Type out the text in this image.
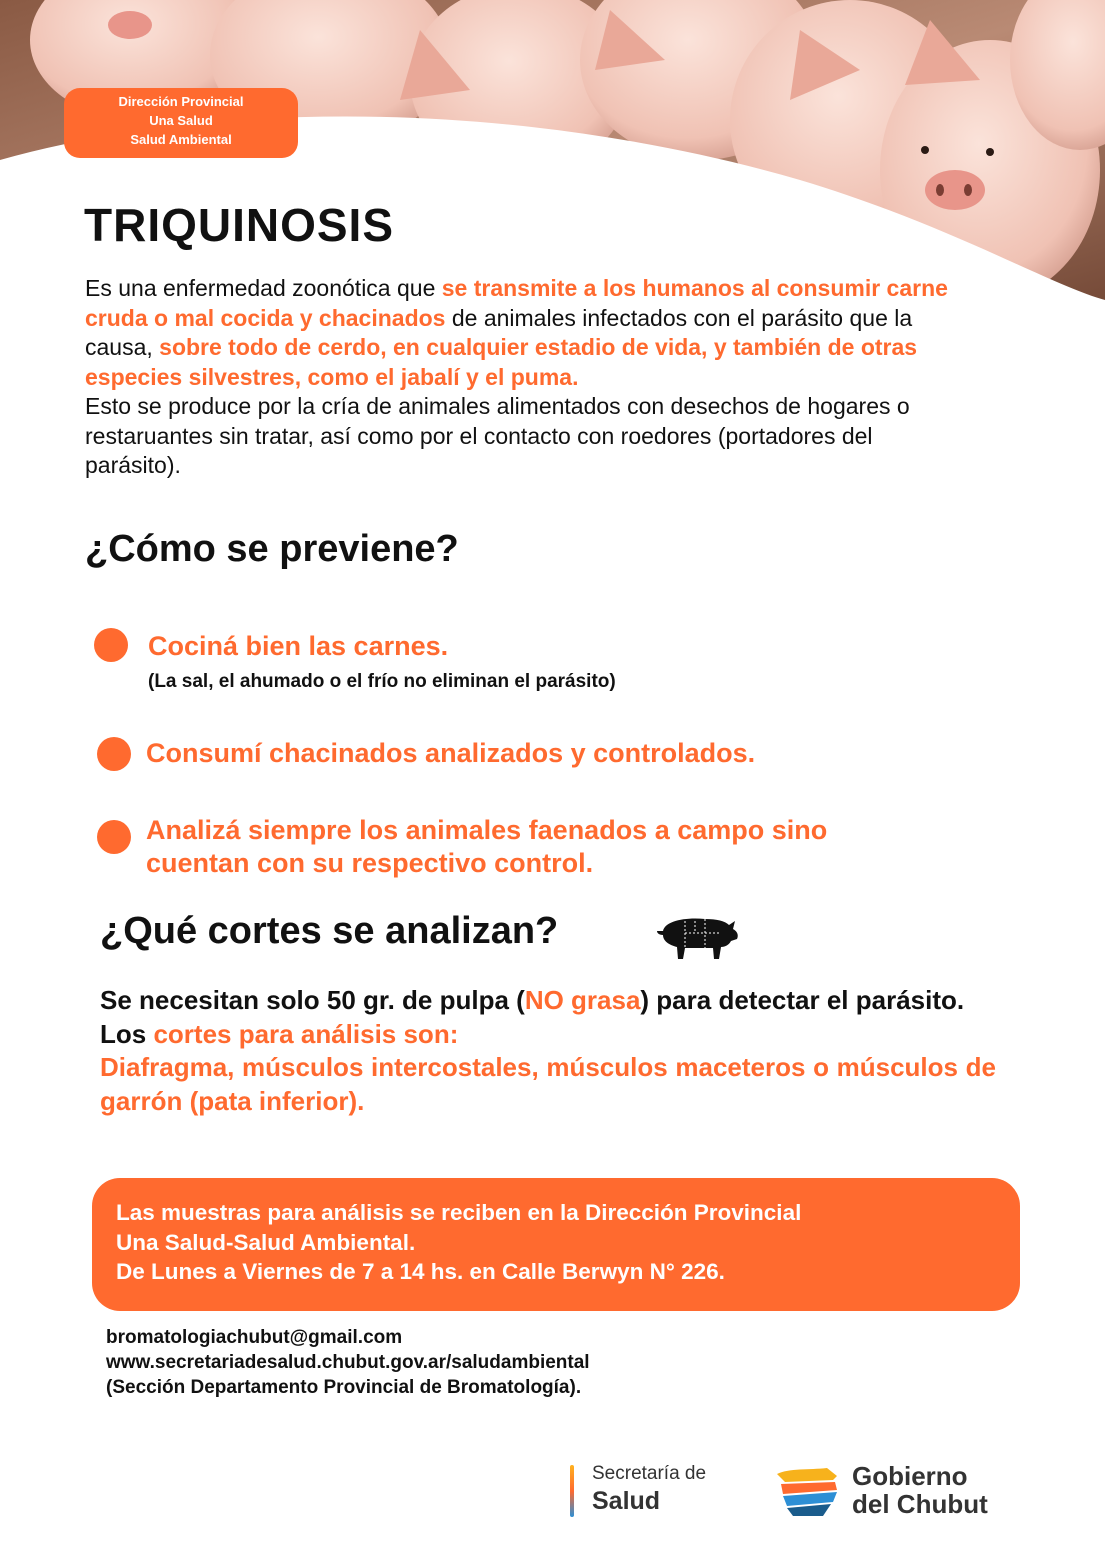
Dirección Provincial
Una Salud
Salud Ambiental
TRIQUINOSIS

Es una enfermedad zoonótica que se transmite a los humanos al consumir carne cruda o mal cocida y chacinados de animales infectados con el parásito que la causa, sobre todo de cerdo, en cualquier estadio de vida, y también de otras especies silvestres, como el jabalí y el puma.
Esto se produce por la cría de animales alimentados con desechos de hogares o restaruantes sin tratar, así como por el contacto con roedores (portadores del parásito).

¿Cómo se previene?

Cociná bien las carnes.

(La sal, el ahumado o el frío no eliminan el parásito)

Consumí chacinados analizados y controlados.

Analizá siempre los animales faenados a campo sino
cuentan con su respectivo control.

¿Qué cortes se analizan?

Se necesitan solo 50 gr. de pulpa (NO grasa) para detectar el parásito.
Los cortes para análisis son:

Diafragma, músculos intercostales, músculos maceteros o músculos de garrón (pata inferior).

Las muestras para análisis se reciben en la Dirección Provincial
Una Salud-Salud Ambiental.
De Lunes a Viernes de 7 a 14 hs. en Calle Berwyn N° 226.
bromatologiachubut@gmail.com
www.secretariadesalud.chubut.gov.ar/saludambiental
(Sección Departamento Provincial de Bromatología).
Secretaría de
Salud
Gobierno
del Chubut
